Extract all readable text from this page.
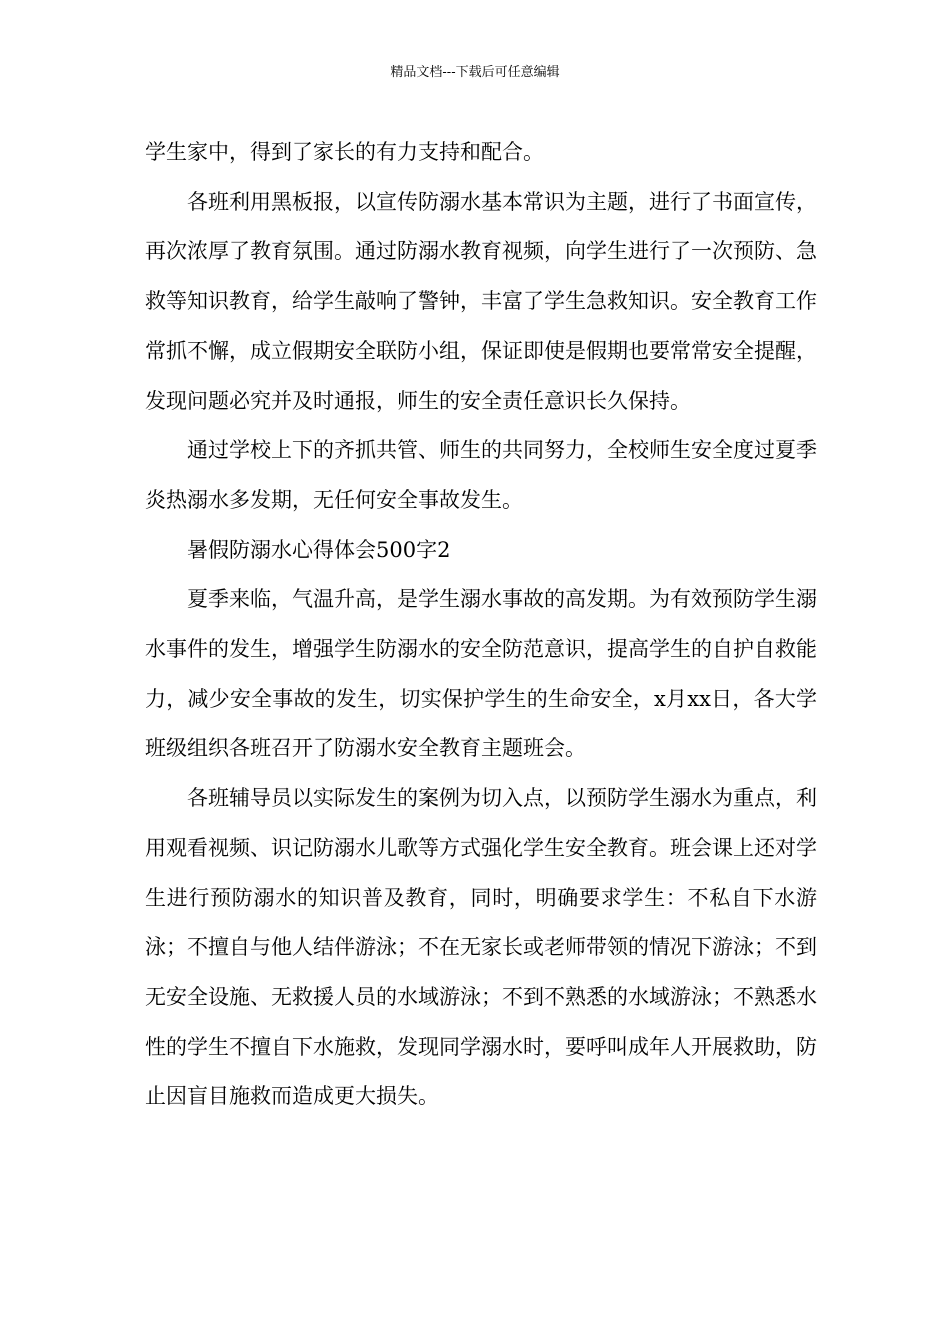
精品文档---下载后可任意编辑

学生家中，得到了家长的有力支持和配合。

各班利用黑板报，以宣传防溺水基本常识为主题，进行了书面宣传，再次浓厚了教育氛围。通过防溺水教育视频，向学生进行了一次预防、急救等知识教育，给学生敲响了警钟，丰富了学生急救知识。安全教育工作常抓不懈，成立假期安全联防小组，保证即使是假期也要常常安全提醒，发现问题必究并及时通报，师生的安全责任意识长久保持。

通过学校上下的齐抓共管、师生的共同努力，全校师生安全度过夏季炎热溺水多发期，无任何安全事故发生。

暑假防溺水心得体会500字2

夏季来临，气温升高，是学生溺水事故的高发期。为有效预防学生溺水事件的发生，增强学生防溺水的安全防范意识，提高学生的自护自救能力，减少安全事故的发生，切实保护学生的生命安全，x月xx日，各大学班级组织各班召开了防溺水安全教育主题班会。

各班辅导员以实际发生的案例为切入点，以预防学生溺水为重点，利用观看视频、识记防溺水儿歌等方式强化学生安全教育。班会课上还对学生进行预防溺水的知识普及教育，同时，明确要求学生：不私自下水游泳；不擅自与他人结伴游泳；不在无家长或老师带领的情况下游泳；不到无安全设施、无救援人员的水域游泳；不到不熟悉的水域游泳；不熟悉水性的学生不擅自下水施救，发现同学溺水时，要呼叫成年人开展救助，防止因盲目施救而造成更大损失。
